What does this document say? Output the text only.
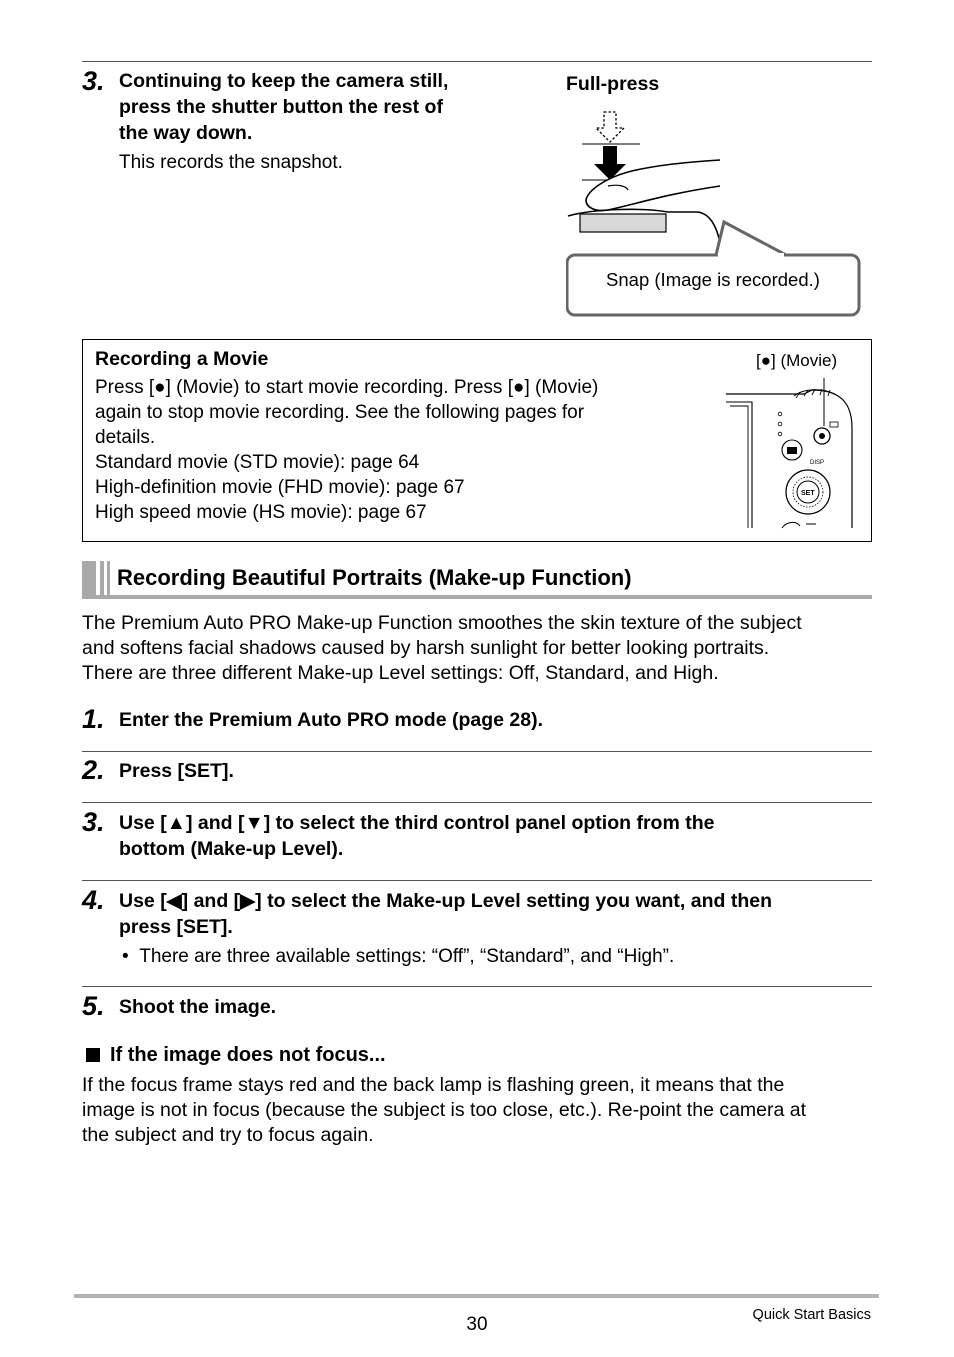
3. Continuing to keep the camera still,
press the shutter button the rest of
the way down.
This records the snapshot.
Full-press
Snap (Image is recorded.)
Recording a Movie
Press [●] (Movie) to start movie recording. Press [●] (Movie)
again to stop movie recording. See the following pages for
details.
Standard movie (STD movie): page 64
High-definition movie (FHD movie): page 67
High speed movie (HS movie): page 67
[●] (Movie)
DISP
SET
Recording Beautiful Portraits (Make-up Function)
The Premium Auto PRO Make-up Function smoothes the skin texture of the subject
and softens facial shadows caused by harsh sunlight for better looking portraits.
There are three different Make-up Level settings: Off, Standard, and High.
1. Enter the Premium Auto PRO mode (page 28).
2. Press [SET].
3. Use [▲] and [▼] to select the third control panel option from the
bottom (Make-up Level).
4. Use [◀] and [▶] to select the Make-up Level setting you want, and then
press [SET].
•  There are three available settings: “Off”, “Standard”, and “High”.
5. Shoot the image.
If the image does not focus...
If the focus frame stays red and the back lamp is flashing green, it means that the
image is not in focus (because the subject is too close, etc.). Re-point the camera at
the subject and try to focus again.
30	Quick Start Basics
